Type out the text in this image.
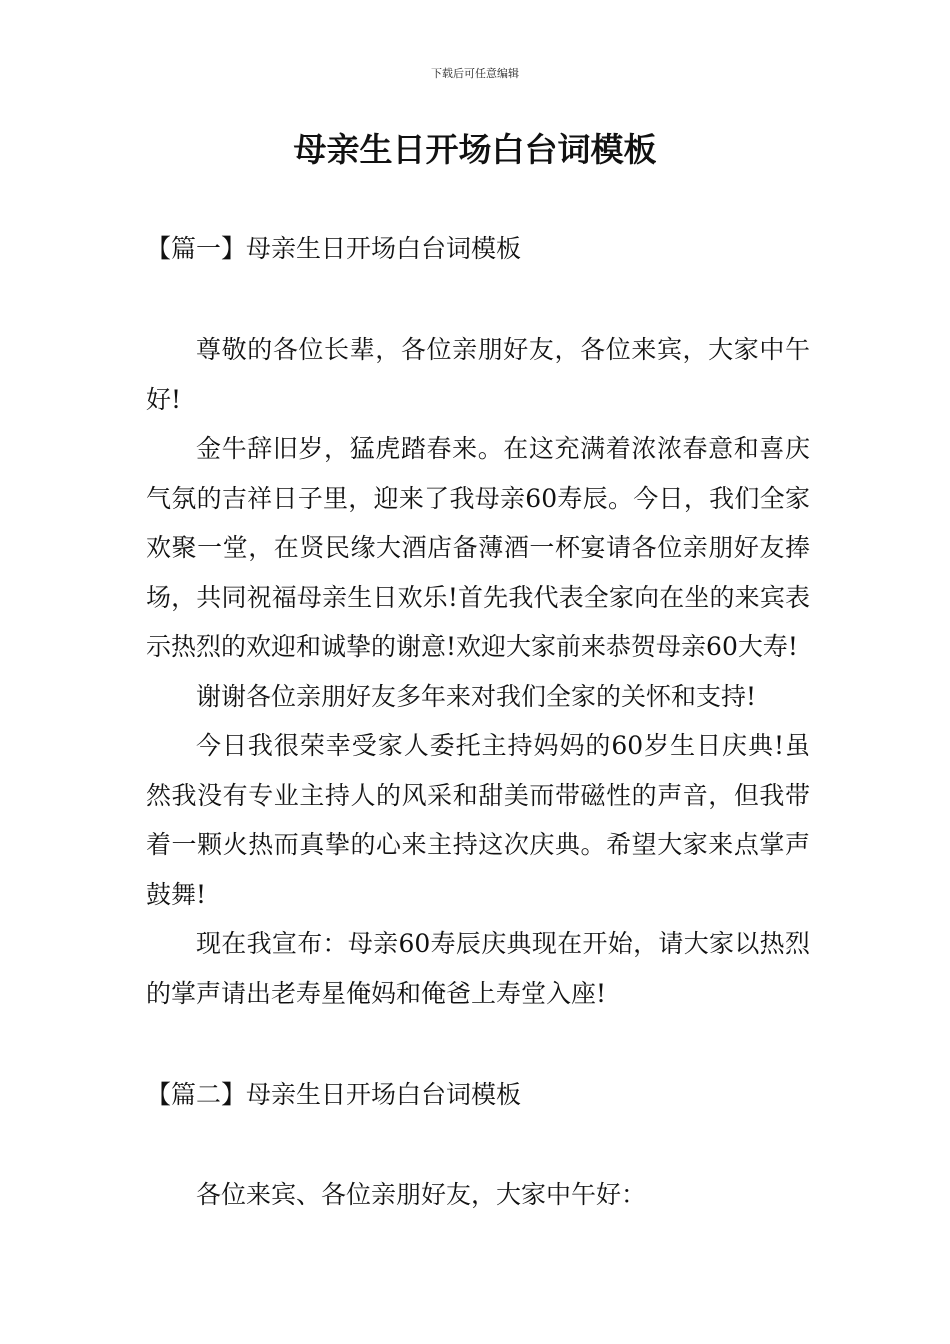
下载后可任意编辑
母亲生日开场白台词模板
【篇一】母亲生日开场白台词模板

尊敬的各位长辈，各位亲朋好友，各位来宾，大家中午好!

金牛辞旧岁，猛虎踏春来。在这充满着浓浓春意和喜庆气氛的吉祥日子里，迎来了我母亲60寿辰。今日，我们全家欢聚一堂，在贤民缘大酒店备薄酒一杯宴请各位亲朋好友捧场，共同祝福母亲生日欢乐!首先我代表全家向在坐的来宾表示热烈的欢迎和诚挚的谢意!欢迎大家前来恭贺母亲60大寿!

谢谢各位亲朋好友多年来对我们全家的关怀和支持!

今日我很荣幸受家人委托主持妈妈的60岁生日庆典!虽然我没有专业主持人的风采和甜美而带磁性的声音，但我带着一颗火热而真挚的心来主持这次庆典。希望大家来点掌声鼓舞!

现在我宣布：母亲60寿辰庆典现在开始，请大家以热烈的掌声请出老寿星俺妈和俺爸上寿堂入座!

【篇二】母亲生日开场白台词模板

各位来宾、各位亲朋好友，大家中午好：
